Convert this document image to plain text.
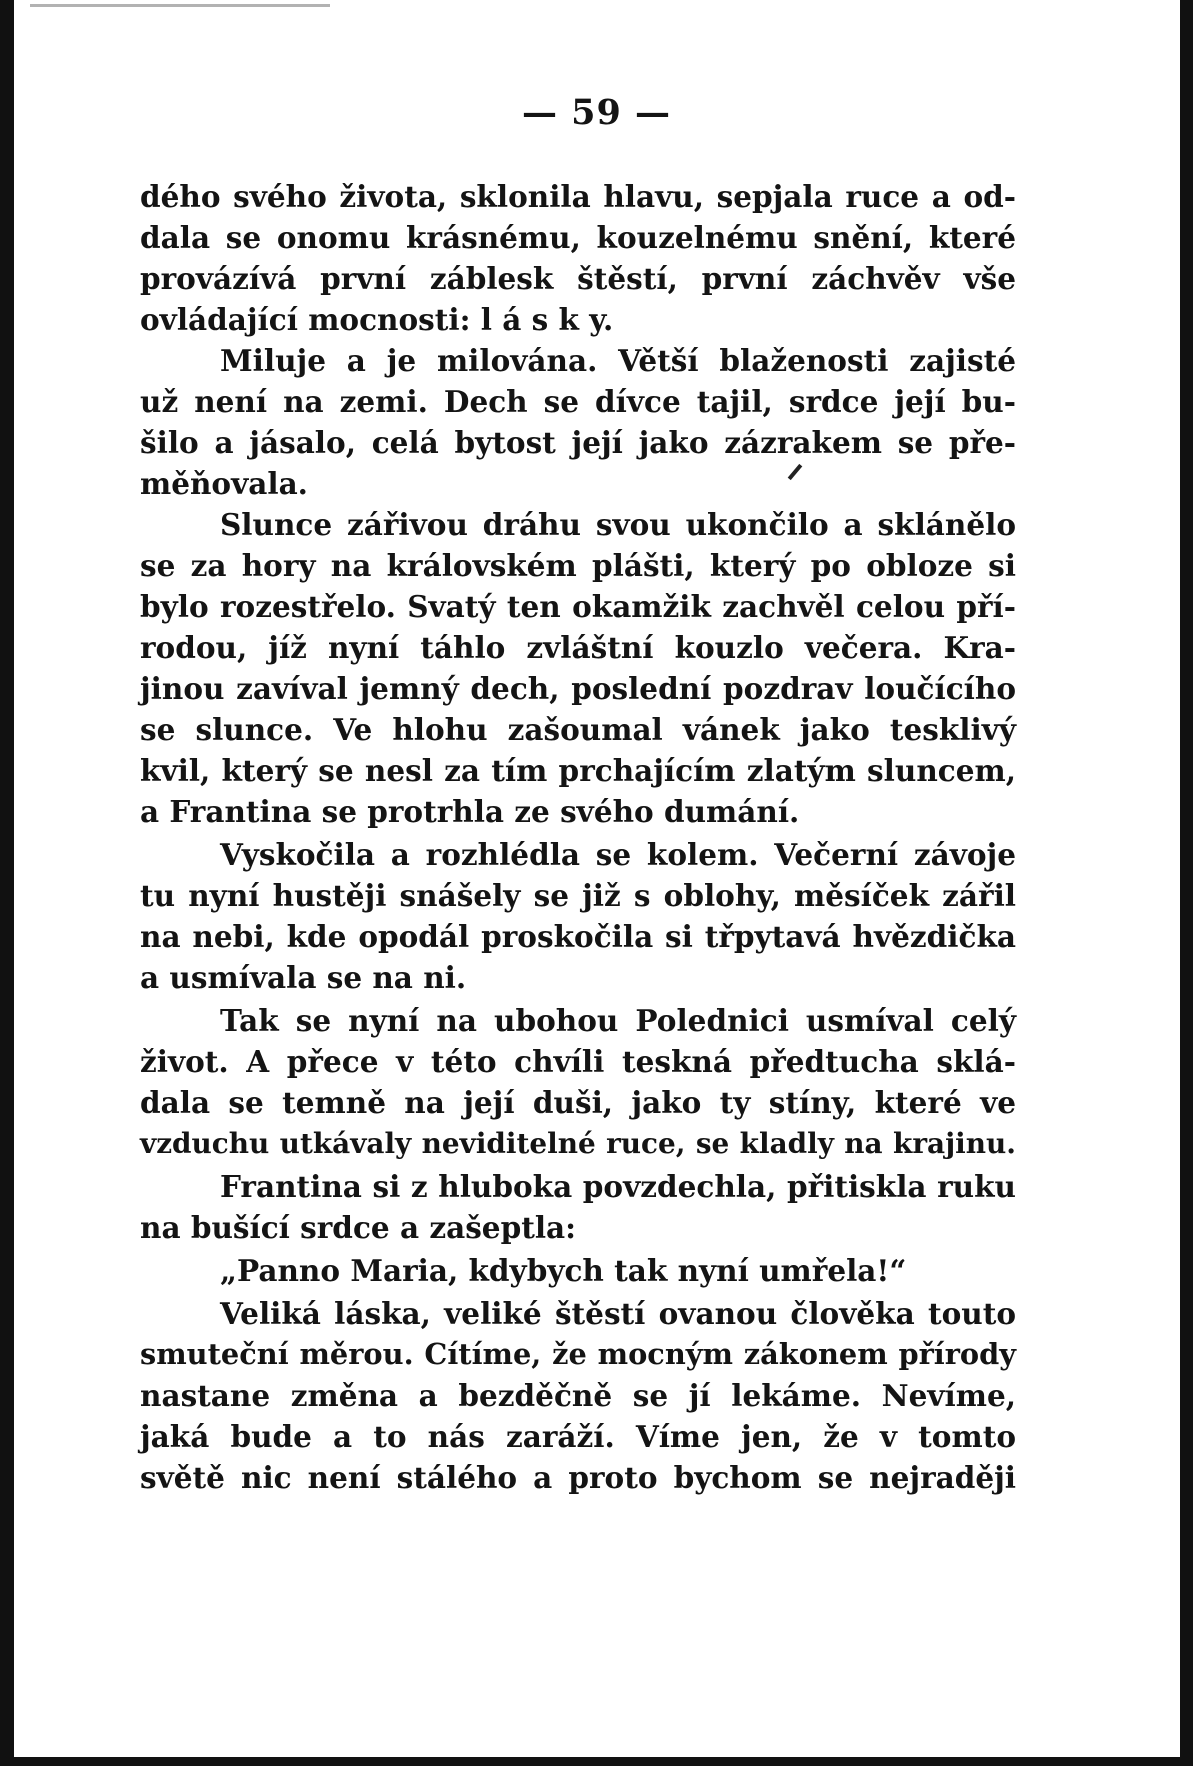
— 59 —
dého svého života, sklonila hlavu, sepjala ruce a od-
dala se onomu krásnému, kouzelnému snění, které
provázívá první záblesk štěstí, první záchvěv vše
ovládající mocnosti: l á s k y.
Miluje a je milována. Větší blaženosti zajisté
už není na zemi. Dech se dívce tajil, srdce její bu-
šilo a jásalo, celá bytost její jako zázrakem se pře-
měňovala.
Slunce zářivou dráhu svou ukončilo a sklánělo
se za hory na královském plášti, který po obloze si
bylo rozestřelo. Svatý ten okamžik zachvěl celou pří-
rodou, jíž nyní táhlo zvláštní kouzlo večera. Kra-
jinou zavíval jemný dech, poslední pozdrav loučícího
se slunce. Ve hlohu zašoumal vánek jako tesklivý
kvil, který se nesl za tím prchajícím zlatým sluncem,
a Frantina se protrhla ze svého dumání.
Vyskočila a rozhlédla se kolem. Večerní závoje
tu nyní hustěji snášely se již s oblohy, měsíček zářil
na nebi, kde opodál proskočila si třpytavá hvězdička
a usmívala se na ni.
Tak se nyní na ubohou Polednici usmíval celý
život. A přece v této chvíli teskná předtucha sklá-
dala se temně na její duši, jako ty stíny, které ve
vzduchu utkávaly neviditelné ruce, se kladly na krajinu.
Frantina si z hluboka povzdechla, přitiskla ruku
na bušící srdce a zašeptla:
„Panno Maria, kdybych tak nyní umřela!“
Veliká láska, veliké štěstí ovanou člověka touto
smuteční měrou. Cítíme, že mocným zákonem přírody
nastane změna a bezděčně se jí lekáme. Nevíme,
jaká bude a to nás zaráží. Víme jen, že v tomto
světě nic není stálého a proto bychom se nejraději
